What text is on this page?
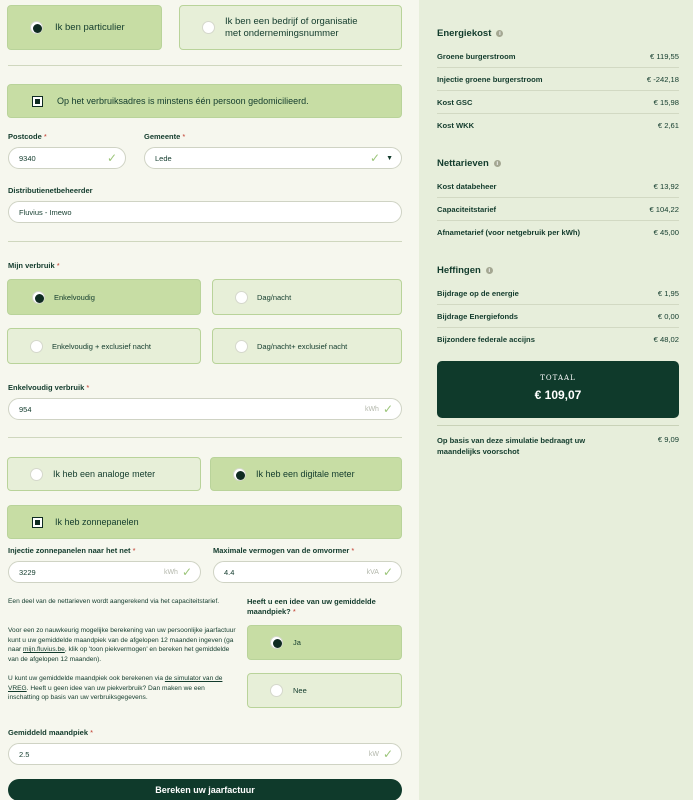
Ik ben particulier
Ik ben een bedrijf of organisatie met ondernemingsnummer
Op het verbruiksadres is minstens één persoon gedomicilieerd.
Postcode *
9340	✓
Gemeente *
Lede	✓ ▼
Distributienetbeheerder
Fluvius - Imewo
Mijn verbruik *
Enkelvoudig	Dag/nacht
Enkelvoudig + exclusief nacht	Dag/nacht+ exclusief nacht
Enkelvoudig verbruik *
954	kWh ✓
Ik heb een analoge meter	Ik heb een digitale meter
Ik heb zonnepanelen
Injectie zonnepanelen naar het net *
3229	kWh ✓
Maximale vermogen van de omvormer *
4.4	kVA ✓
Een deel van de nettarieven wordt aangerekend via het capaciteitstarief.
Voor een zo nauwkeurig mogelijke berekening van uw persoonlijke jaarfactuur kunt u uw gemiddelde maandpiek van de afgelopen 12 maanden ingeven (ga naar mijn.fluvius.be, klik op 'toon piekvermogen' en bereken het gemiddelde van de afgelopen 12 maanden).
U kunt uw gemiddelde maandpiek ook berekenen via de simulator van de VREG. Heeft u geen idee van uw piekverbruik? Dan maken we een inschatting op basis van uw verbruiksgegevens.
Heeft u een idee van uw gemiddelde maandpiek? *
Ja
Nee
Gemiddeld maandpiek *
2.5	kW ✓
Bereken uw jaarfactuur
Energiekost	i
Groene burgerstroom	€ 119,55
Injectie groene burgerstroom	€ -242,18
Kost GSC	€ 15,98
Kost WKK	€ 2,61
Nettarieven	i
Kost databeheer	€ 13,92
Capaciteitstarief	€ 104,22
Afnametarief (voor netgebruik per kWh)	€ 45,00
Heffingen	i
Bijdrage op de energie	€ 1,95
Bijdrage Energiefonds	€ 0,00
Bijzondere federale accijns	€ 48,02
TOTAAL
€ 109,07
Op basis van deze simulatie bedraagt uw maandelijks voorschot
€ 9,09
